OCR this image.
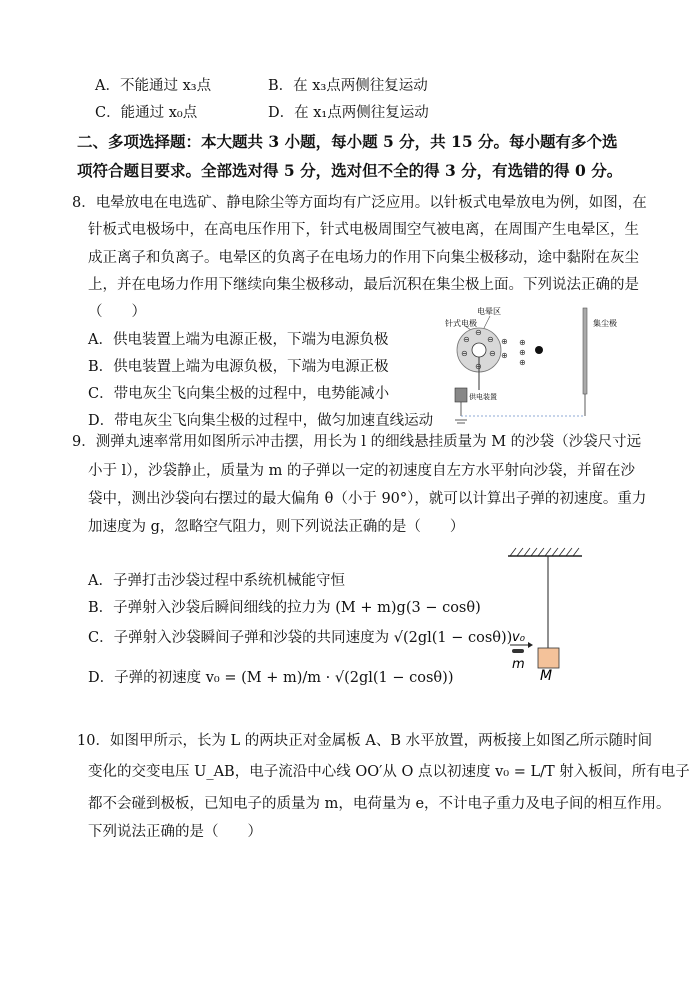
A．不能通过 x₃点	B．在 x₃点两侧往复运动
C．能通过 x₀点	D．在 x₁点两侧往复运动
二、多项选择题：本大题共 3 小题，每小题 5 分，共 15 分。每小题有多个选
项符合题目要求。全部选对得 5 分，选对但不全的得 3 分，有选错的得 0 分。
8．电晕放电在电选矿、静电除尘等方面均有广泛应用。以针板式电晕放电为例，如图，在
针板式电极场中，在高电压作用下，针式电极周围空气被电离，在周围产生电晕区，生
成正离子和负离子。电晕区的负离子在电场力的作用下向集尘极移动，途中黏附在灰尘
上，并在电场力作用下继续向集尘极移动，最后沉积在集尘极上面。下列说法正确的是
（　　）
A．供电装置上端为电源正极，下端为电源负极
B．供电装置上端为电源负极，下端为电源正极
C．带电灰尘飞向集尘极的过程中，电势能减小
D．带电灰尘飞向集尘极的过程中，做匀加速直线运动
针式电极
电晕区
集尘极
⊖
⊖ ⊖
⊖	⊖
⊖
⊕
⊕
⊕
⊕
⊕
供电装置
9．测弹丸速率常用如图所示冲击摆，用长为 l 的细线悬挂质量为 M 的沙袋（沙袋尺寸远
小于 l），沙袋静止，质量为 m 的子弹以一定的初速度自左方水平射向沙袋，并留在沙
袋中，测出沙袋向右摆过的最大偏角 θ（小于 90°），就可以计算出子弹的初速度。重力
加速度为 g，忽略空气阻力，则下列说法正确的是（　　）
A．子弹打击沙袋过程中系统机械能守恒
B．子弹射入沙袋后瞬间细线的拉力为 (M + m)g(3 − cosθ)
C．子弹射入沙袋瞬间子弹和沙袋的共同速度为 √(2gl(1 − cosθ))
D．子弹的初速度 v₀ = (M + m)/m · √(2gl(1 − cosθ))	M
v₀
m
10．如图甲所示，长为 L 的两块正对金属板 A、B 水平放置，两板接上如图乙所示随时间
变化的交变电压 U_AB，电子流沿中心线 OO′从 O 点以初速度 v₀ = L/T 射入板间，所有电子
都不会碰到极板，已知电子的质量为 m，电荷量为 e，不计电子重力及电子间的相互作用。
下列说法正确的是（　　）
